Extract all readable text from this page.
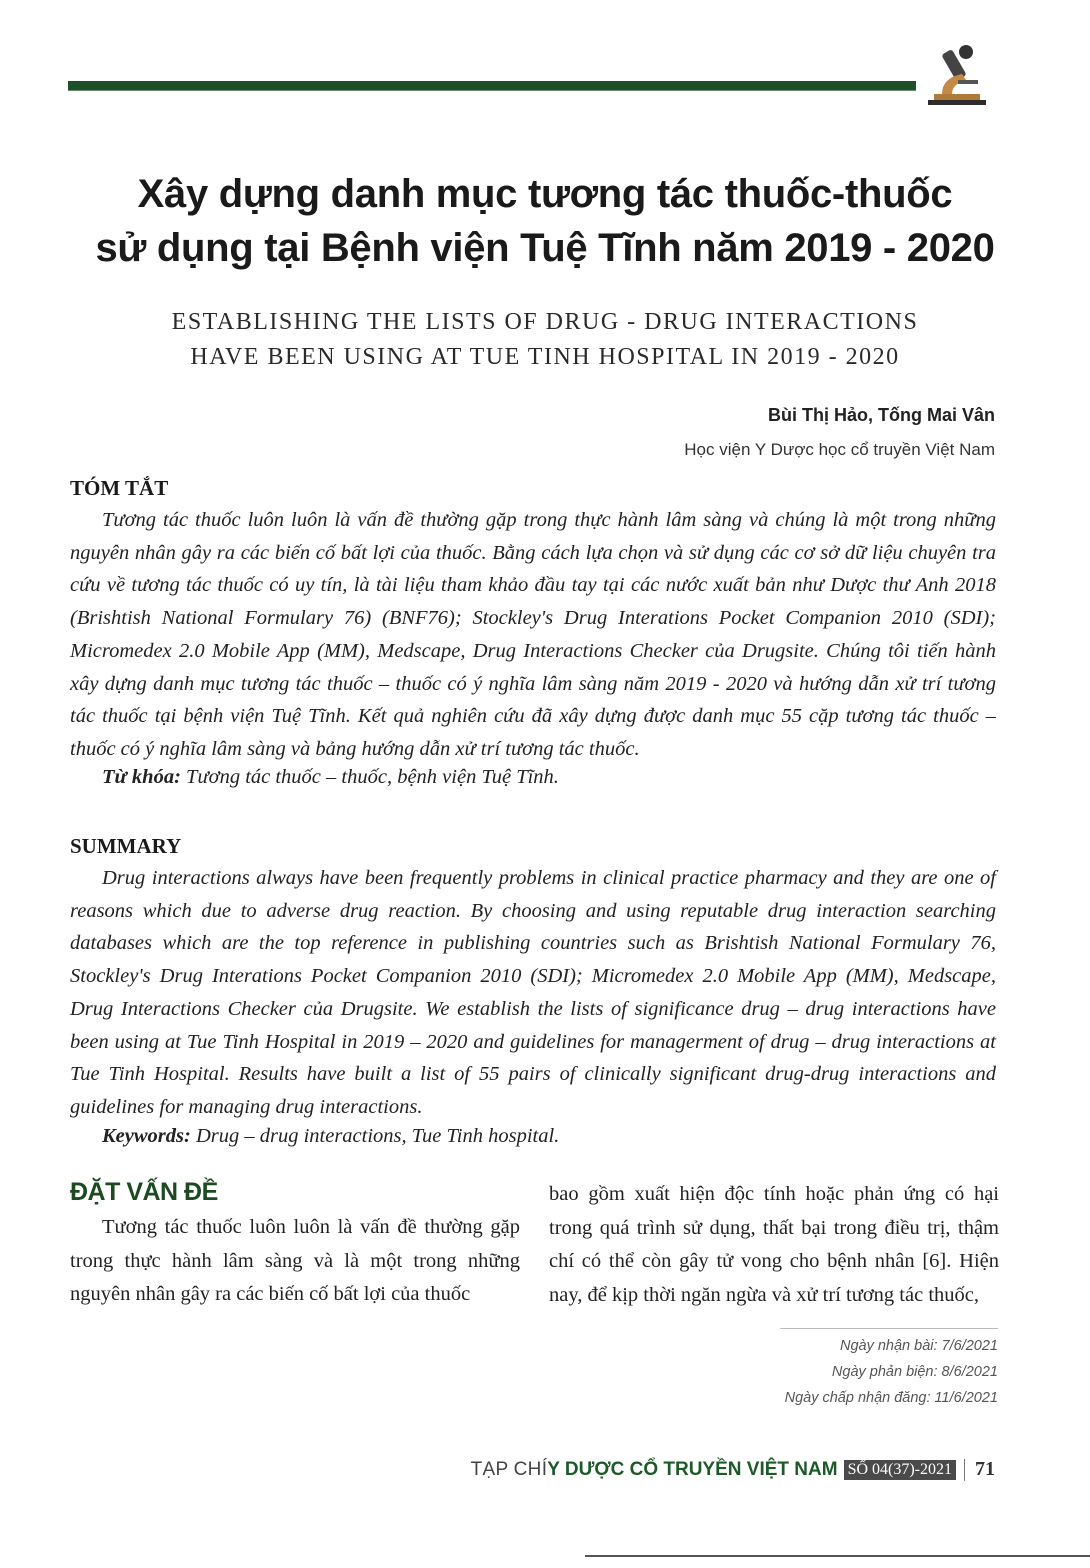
Xây dựng danh mục tương tác thuốc-thuốc
sử dụng tại Bệnh viện Tuệ Tĩnh năm 2019 - 2020

ESTABLISHING THE LISTS OF DRUG - DRUG INTERACTIONS

HAVE BEEN USING AT TUE TINH HOSPITAL IN 2019 - 2020

Bùi Thị Hảo, Tống Mai Vân
Học viện Y Dược học cổ truyền Việt Nam
TÓM TẮT

Tương tác thuốc luôn luôn là vấn đề thường gặp trong thực hành lâm sàng và chúng là một trong những nguyên nhân gây ra các biến cố bất lợi của thuốc. Bằng cách lựa chọn và sử dụng các cơ sở dữ liệu chuyên tra cứu về tương tác thuốc có uy tín, là tài liệu tham khảo đầu tay tại các nước xuất bản như Dược thư Anh 2018 (Brishtish National Formulary 76) (BNF76); Stockley's Drug Interations Pocket Companion 2010 (SDI); Micromedex 2.0 Mobile App (MM), Medscape, Drug Interactions Checker của Drugsite. Chúng tôi tiến hành xây dựng danh mục tương tác thuốc – thuốc có ý nghĩa lâm sàng năm 2019 - 2020 và hướng dẫn xử trí tương tác thuốc tại bệnh viện Tuệ Tĩnh. Kết quả nghiên cứu đã xây dựng được danh mục 55 cặp tương tác thuốc – thuốc có ý nghĩa lâm sàng và bảng hướng dẫn xử trí tương tác thuốc.

Từ khóa: Tương tác thuốc – thuốc, bệnh viện Tuệ Tĩnh.
SUMMARY

Drug interactions always have been frequently problems in clinical practice pharmacy and they are one of reasons which due to adverse drug reaction. By choosing and using reputable drug interaction searching databases which are the top reference in publishing countries such as Brishtish National Formulary 76, Stockley's Drug Interations Pocket Companion 2010 (SDI); Micromedex 2.0 Mobile App (MM), Medscape, Drug Interactions Checker của Drugsite. We establish the lists of significance drug – drug interactions have been using at Tue Tinh Hospital in 2019 – 2020 and guidelines for managerment of drug – drug interactions at Tue Tinh Hospital. Results have built a list of 55 pairs of clinically significant drug-drug interactions and guidelines for managing drug interactions.

Keywords: Drug – drug interactions, Tue Tinh hospital.
ĐẶT VẤN ĐỀ

Tương tác thuốc luôn luôn là vấn đề thường gặp trong thực hành lâm sàng và là một trong những nguyên nhân gây ra các biến cố bất lợi của thuốc

bao gồm xuất hiện độc tính hoặc phản ứng có hại trong quá trình sử dụng, thất bại trong điều trị, thậm chí có thể còn gây tử vong cho bệnh nhân [6]. Hiện nay, để kịp thời ngăn ngừa và xử trí tương tác thuốc,

Ngày nhận bài: 7/6/2021
Ngày phản biện: 8/6/2021
Ngày chấp nhận đăng: 11/6/2021
TẠP CHÍ Y DƯỢC CỔ TRUYỀN VIỆT NAM SỐ 04(37)-2021 71
